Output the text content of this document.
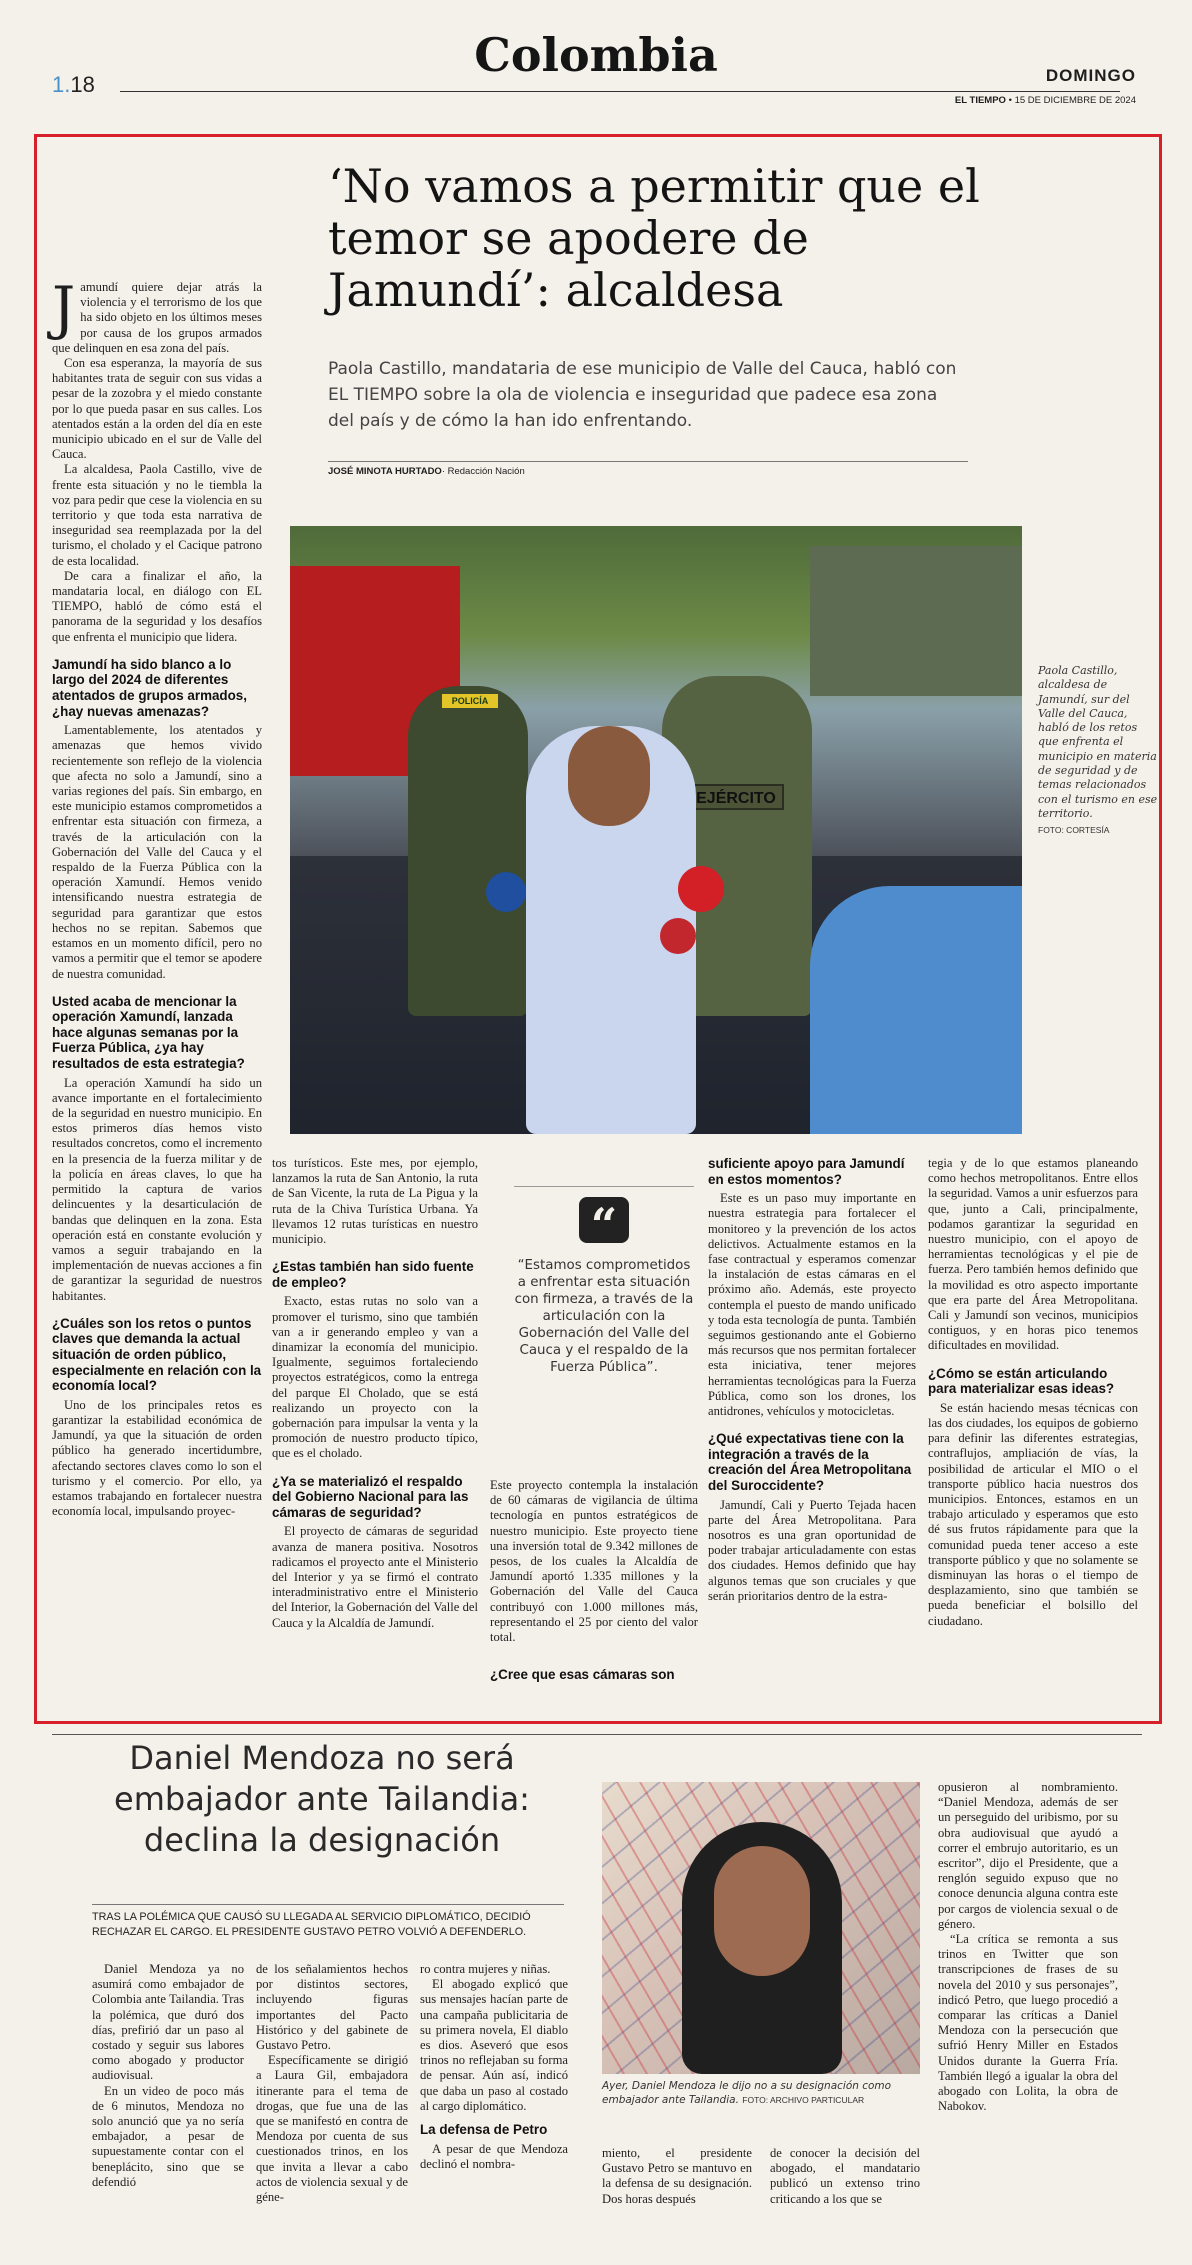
Colombia
1.18	DOMINGO
EL TIEMPO • 15 DE DICIEMBRE DE 2024
‘No vamos a permitir que el temor se apodere de Jamundí’: alcaldesa
Paola Castillo, mandataria de ese municipio de Valle del Cauca, habló con EL TIEMPO sobre la ola de violencia e inseguridad que padece esa zona del país y de cómo la han ido enfrentando.
JOSÉ MINOTA HURTADO· Redacción Nación
POLICÍA
EJÉRCITO
Paola Castillo, alcaldesa de Jamundí, sur del Valle del Cauca, habló de los retos que enfrenta el municipio en materia de seguridad y de temas relacionados con el turismo en ese territorio.
FOTO: CORTESÍA

Jamundí quiere dejar atrás la violencia y el terrorismo de los que ha sido objeto en los últimos meses por causa de los grupos armados que delinquen en esa zona del país.

Con esa esperanza, la mayoría de sus habitantes trata de seguir con sus vidas a pesar de la zozobra y el miedo constante por lo que pueda pasar en sus calles. Los atentados están a la orden del día en este municipio ubicado en el sur de Valle del Cauca.

La alcaldesa, Paola Castillo, vive de frente esta situación y no le tiembla la voz para pedir que cese la violencia en su territorio y que toda esta narrativa de inseguridad sea reemplazada por la del turismo, el cholado y el Cacique patrono de esta localidad.

De cara a finalizar el año, la mandataria local, en diálogo con EL TIEMPO, habló de cómo está el panorama de la seguridad y los desafíos que enfrenta el municipio que lidera.

Jamundí ha sido blanco a lo largo del 2024 de diferentes atentados de grupos armados, ¿hay nuevas amenazas?

Lamentablemente, los atentados y amenazas que hemos vivido recientemente son reflejo de la violencia que afecta no solo a Jamundí, sino a varias regiones del país. Sin embargo, en este municipio estamos comprometidos a enfrentar esta situación con firmeza, a través de la articulación con la Gobernación del Valle del Cauca y el respaldo de la Fuerza Pública con la operación Xamundí. Hemos venido intensificando nuestra estrategia de seguridad para garantizar que estos hechos no se repitan. Sabemos que estamos en un momento difícil, pero no vamos a permitir que el temor se apodere de nuestra comunidad.

Usted acaba de mencionar la operación Xamundí, lanzada hace algunas semanas por la Fuerza Pública, ¿ya hay resultados de esta estrategia?

La operación Xamundí ha sido un avance importante en el fortalecimiento de la seguridad en nuestro municipio. En estos primeros días hemos visto resultados concretos, como el incremento en la presencia de la fuerza militar y de la policía en áreas claves, lo que ha permitido la captura de varios delincuentes y la desarticulación de bandas que delinquen en la zona. Esta operación está en constante evolución y vamos a seguir trabajando en la implementación de nuevas acciones a fin de garantizar la seguridad de nuestros habitantes.

¿Cuáles son los retos o puntos claves que demanda la actual situación de orden público, especialmente en relación con la economía local?

Uno de los principales retos es garantizar la estabilidad económica de Jamundí, ya que la situación de orden público ha generado incertidumbre, afectando sectores claves como lo son el turismo y el comercio. Por ello, ya estamos trabajando en fortalecer nuestra economía local, impulsando proyec-

tos turísticos. Este mes, por ejemplo, lanzamos la ruta de San Antonio, la ruta de San Vicente, la ruta de La Pigua y la ruta de la Chiva Turística Urbana. Ya llevamos 12 rutas turísticas en nuestro municipio.

¿Estas también han sido fuente de empleo?

Exacto, estas rutas no solo van a promover el turismo, sino que también van a ir generando empleo y van a dinamizar la economía del municipio. Igualmente, seguimos fortaleciendo proyectos estratégicos, como la entrega del parque El Cholado, que se está realizando un proyecto con la gobernación para impulsar la venta y la promoción de nuestro producto típico, que es el cholado.

¿Ya se materializó el respaldo del Gobierno Nacional para las cámaras de seguridad?

El proyecto de cámaras de seguridad avanza de manera positiva. Nosotros radicamos el proyecto ante el Ministerio del Interior y ya se firmó el contrato interadministrativo entre el Ministerio del Interior, la Gobernación del Valle del Cauca y la Alcaldía de Jamundí.

“
“Estamos comprometidos a enfrentar esta situación con firmeza, a través de la articulación con la Gobernación del Valle del Cauca y el respaldo de la Fuerza Pública”.

Este proyecto contempla la instalación de 60 cámaras de vigilancia de última tecnología en puntos estratégicos de nuestro municipio. Este proyecto tiene una inversión total de 9.342 millones de pesos, de los cuales la Alcaldía de Jamundí aportó 1.335 millones y la Gobernación del Valle del Cauca contribuyó con 1.000 millones más, representando el 25 por ciento del valor total.

¿Cree que esas cámaras son
suficiente apoyo para Jamundí en estos momentos?

Este es un paso muy importante en nuestra estrategia para fortalecer el monitoreo y la prevención de los actos delictivos. Actualmente estamos en la fase contractual y esperamos comenzar la instalación de estas cámaras en el próximo año. Además, este proyecto contempla el puesto de mando unificado y toda esta tecnología de punta. También seguimos gestionando ante el Gobierno más recursos que nos permitan fortalecer esta iniciativa, tener mejores herramientas tecnológicas para la Fuerza Pública, como son los drones, los antidrones, vehículos y motocicletas.

¿Qué expectativas tiene con la integración a través de la creación del Área Metropolitana del Suroccidente?

Jamundí, Cali y Puerto Tejada hacen parte del Área Metropolitana. Para nosotros es una gran oportunidad de poder trabajar articuladamente con estas dos ciudades. Hemos definido que hay algunos temas que son cruciales y que serán prioritarios dentro de la estra-

tegia y de lo que estamos planeando como hechos metropolitanos. Entre ellos la seguridad. Vamos a unir esfuerzos para que, junto a Cali, principalmente, podamos garantizar la seguridad en nuestro municipio, con el apoyo de herramientas tecnológicas y el pie de fuerza. Pero también hemos definido que la movilidad es otro aspecto importante que era parte del Área Metropolitana. Cali y Jamundí son vecinos, municipios contiguos, y en horas pico tenemos dificultades en movilidad.

¿Cómo se están articulando para materializar esas ideas?

Se están haciendo mesas técnicas con las dos ciudades, los equipos de gobierno para definir las diferentes estrategias, contraflujos, ampliación de vías, la posibilidad de articular el MIO o el transporte público hacia nuestros dos municipios. Entonces, estamos en un trabajo articulado y esperamos que esto dé sus frutos rápidamente para que la comunidad pueda tener acceso a este transporte público y que no solamente se disminuyan las horas o el tiempo de desplazamiento, sino que también se pueda beneficiar el bolsillo del ciudadano.

Daniel Mendoza no será embajador ante Tailandia: declina la designación
TRAS LA POLÉMICA QUE CAUSÓ SU LLEGADA AL SERVICIO DIPLOMÁTICO, DECIDIÓ RECHAZAR EL CARGO. EL PRESIDENTE GUSTAVO PETRO VOLVIÓ A DEFENDERLO.
Ayer, Daniel Mendoza le dijo no a su designación como embajador ante Tailandia. FOTO: ARCHIVO PARTICULAR

Daniel Mendoza ya no asumirá como embajador de Colombia ante Tailandia. Tras la polémica, que duró dos días, prefirió dar un paso al costado y seguir sus labores como abogado y productor audiovisual.

En un video de poco más de 6 minutos, Mendoza no solo anunció que ya no sería embajador, a pesar de supuestamente contar con el beneplácito, sino que se defendió

de los señalamientos hechos por distintos sectores, incluyendo figuras importantes del Pacto Histórico y del gabinete de Gustavo Petro.

Específicamente se dirigió a Laura Gil, embajadora itinerante para el tema de drogas, que fue una de las que se manifestó en contra de Mendoza por cuenta de sus cuestionados trinos, en los que invita a llevar a cabo actos de violencia sexual y de géne-

ro contra mujeres y niñas.

El abogado explicó que sus mensajes hacían parte de una campaña publicitaria de su primera novela, El diablo es dios. Aseveró que esos trinos no reflejaban su forma de pensar. Aún así, indicó que daba un paso al costado al cargo diplomático.

La defensa de Petro

A pesar de que Mendoza declinó el nombra-

miento, el presidente Gustavo Petro se mantuvo en la defensa de su designación. Dos horas después

de conocer la decisión del abogado, el mandatario publicó un extenso trino criticando a los que se

opusieron al nombramiento. “Daniel Mendoza, además de ser un perseguido del uribismo, por su obra audiovisual que ayudó a correr el embrujo autoritario, es un escritor”, dijo el Presidente, que a renglón seguido expuso que no conoce denuncia alguna contra este por cargos de violencia sexual o de género.

“La crítica se remonta a sus trinos en Twitter que son transcripciones de frases de su novela del 2010 y sus personajes”, indicó Petro, que luego procedió a comparar las críticas a Daniel Mendoza con la persecución que sufrió Henry Miller en Estados Unidos durante la Guerra Fría. También llegó a igualar la obra del abogado con Lolita, la obra de Nabokov.
